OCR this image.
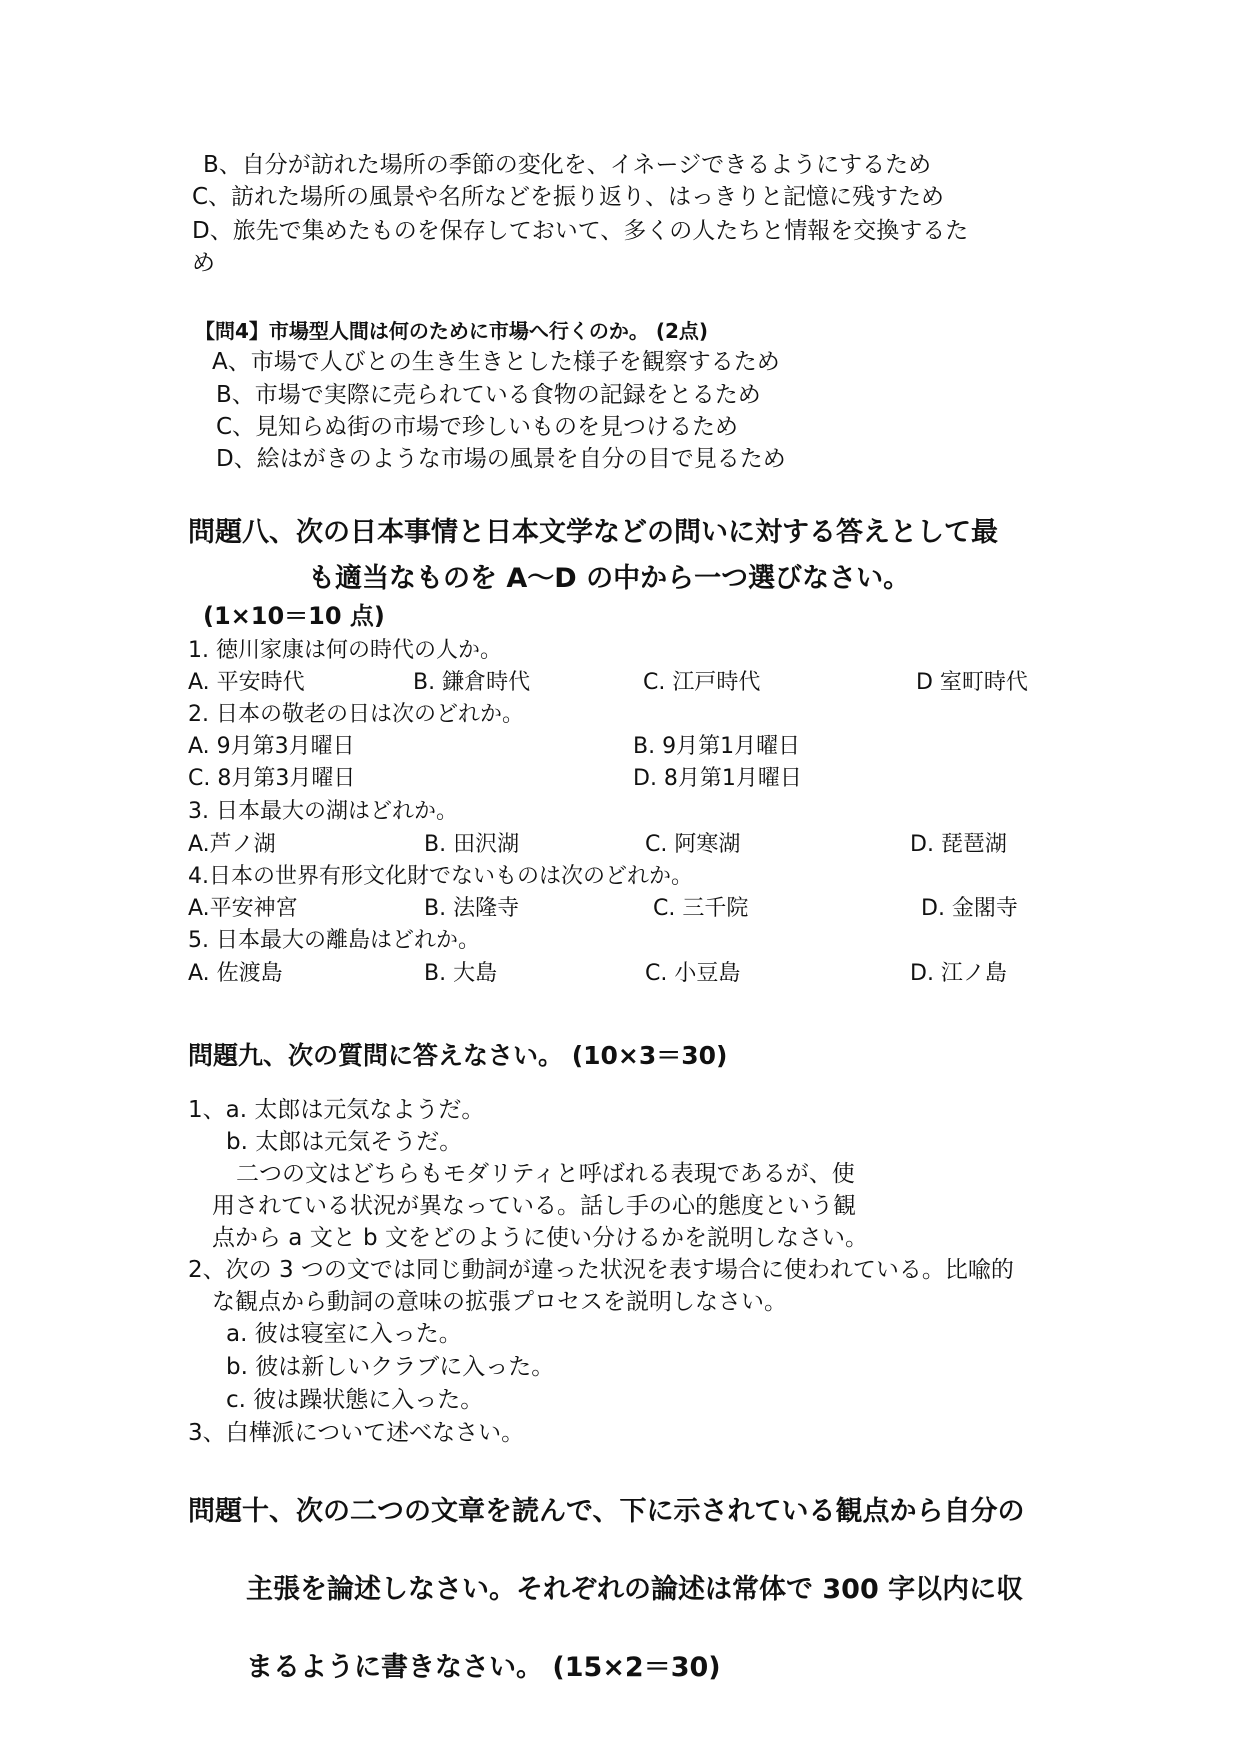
B、自分が訪れた場所の季節の変化を、イネージできるようにするため
C、訪れた場所の風景や名所などを振り返り、はっきりと記憶に残すため
D、旅先で集めたものを保存しておいて、多くの人たちと情報を交換するた
め
【問4】市場型人間は何のために市場へ行くのか。 (2点)
A、市場で人びとの生き生きとした様子を観察するため
B、市場で実際に売られている食物の記録をとるため
C、見知らぬ街の市場で珍しいものを見つけるため
D、絵はがきのような市場の風景を自分の目で見るため
問題八、次の日本事情と日本文学などの問いに対する答えとして最
も適当なものを A～D の中から一つ選びなさい。
(1×10＝10 点)
1. 徳川家康は何の時代の人か。
A. 平安時代	B. 鎌倉時代	C. 江戸時代	D 室町時代
2. 日本の敬老の日は次のどれか。
A. 9月第3月曜日	B. 9月第1月曜日
C. 8月第3月曜日	D. 8月第1月曜日
3. 日本最大の湖はどれか。
A.芦ノ湖	B. 田沢湖	C. 阿寒湖	D. 琵琶湖
4.日本の世界有形文化財でないものは次のどれか。
A.平安神宮	B. 法隆寺	C. 三千院	D. 金閣寺
5. 日本最大の離島はどれか。
A. 佐渡島	B. 大島	C. 小豆島	D. 江ノ島
問題九、次の質問に答えなさい。 (10×3＝30)
1、a. 太郎は元気なようだ。
b. 太郎は元気そうだ。
二つの文はどちらもモダリティと呼ばれる表現であるが、使
用されている状況が異なっている。話し手の心的態度という観
点から a 文と b 文をどのように使い分けるかを説明しなさい。
2、次の 3 つの文では同じ動詞が違った状況を表す場合に使われている。比喩的
な観点から動詞の意味の拡張プロセスを説明しなさい。
a. 彼は寝室に入った。
b. 彼は新しいクラブに入った。
c. 彼は躁状態に入った。
3、白樺派について述べなさい。
問題十、次の二つの文章を読んで、下に示されている観点から自分の
主張を論述しなさい。それぞれの論述は常体で 300 字以内に収
まるように書きなさい。 (15×2＝30)
